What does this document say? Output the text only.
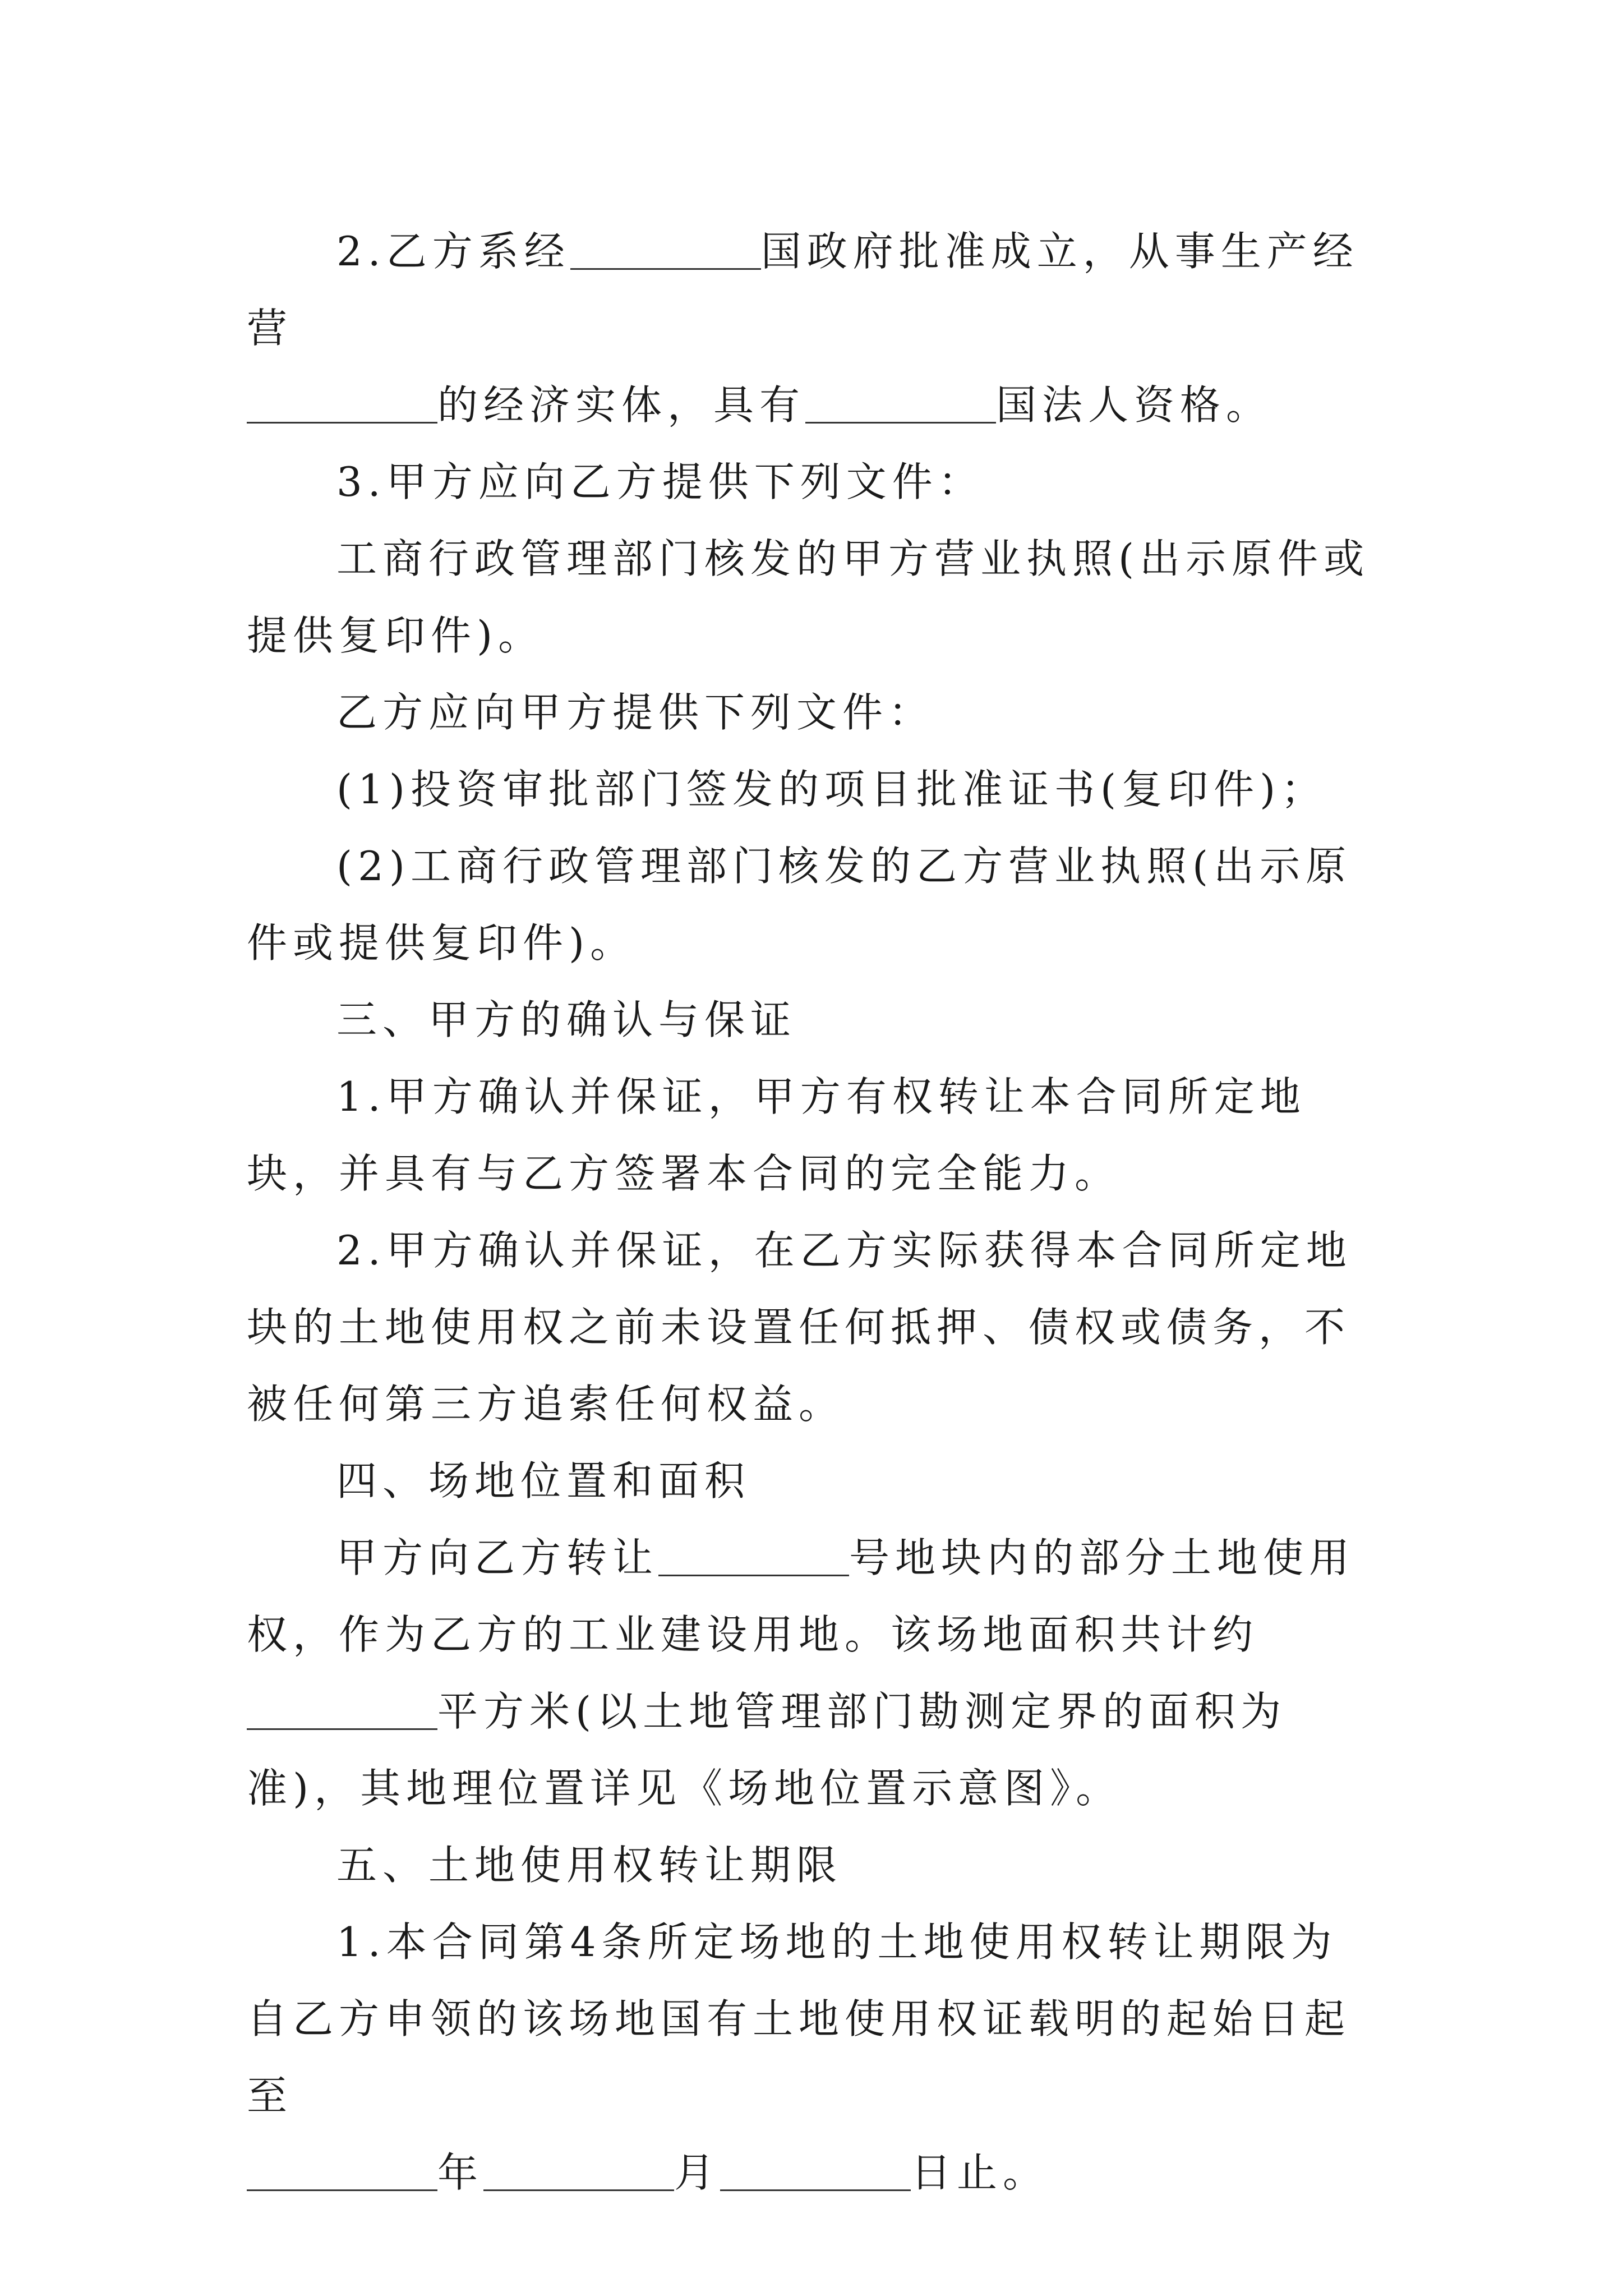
2.乙方系经	国政府批准成立，从事生产经营
的经济实体，具有	国法人资格。

3.甲方应向乙方提供下列文件：

工商行政管理部门核发的甲方营业执照(出示原件或提供复印件)。

乙方应向甲方提供下列文件：

(1)投资审批部门签发的项目批准证书(复印件)；

(2)工商行政管理部门核发的乙方营业执照(出示原件或提供复印件)。

三、甲方的确认与保证

1.甲方确认并保证，甲方有权转让本合同所定地块，并具有与乙方签署本合同的完全能力。

2.甲方确认并保证，在乙方实际获得本合同所定地块的土地使用权之前未设置任何抵押、债权或债务，不被任何第三方追索任何权益。

四、场地位置和面积

甲方向乙方转让	号地块内的部分土地使用权，作为乙方的工业建设用地。该场地面积共计约平方米(以土地管理部门勘测定界的面积为准)，其地理位置详见《场地位置示意图》。

五、土地使用权转让期限

1.本合同第4条所定场地的土地使用权转让期限为自乙方申领的该场地国有土地使用权证载明的起始日起至
年	月	日止。
